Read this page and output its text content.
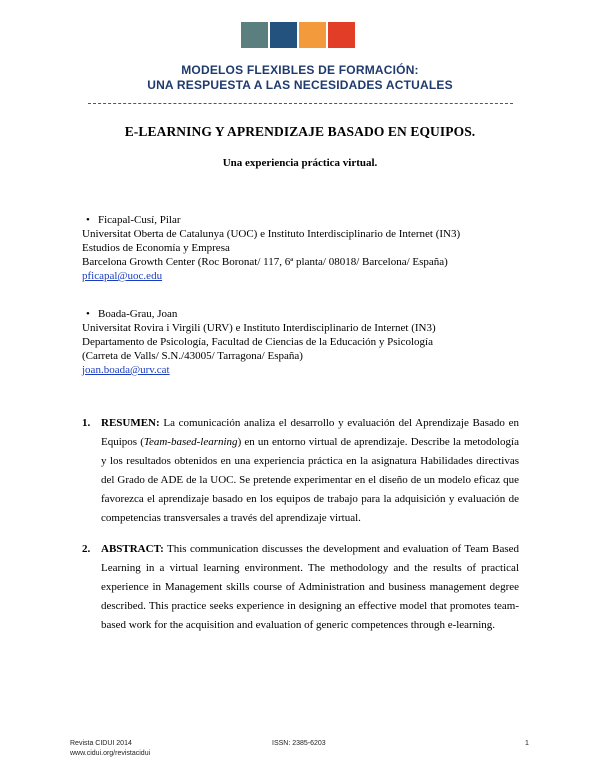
MODELOS FLEXIBLES DE FORMACIÓN:
UNA RESPUESTA A LAS NECESIDADES ACTUALES
E-LEARNING Y APRENDIZAJE BASADO EN EQUIPOS.
Una experiencia práctica virtual.
• Ficapal-Cusí, Pilar
Universitat Oberta de Catalunya (UOC) e Instituto Interdisciplinario de Internet (IN3)
Estudios de Economía y Empresa
Barcelona Growth Center (Roc Boronat/ 117, 6ª planta/ 08018/ Barcelona/ España)
pficapal@uoc.edu
• Boada-Grau, Joan
Universitat Rovira i Virgili (URV) e Instituto Interdisciplinario de Internet (IN3)
Departamento de Psicología, Facultad de Ciencias de la Educación y Psicología
(Carreta de Valls/ S.N./43005/ Tarragona/ España)
joan.boada@urv.cat
1. RESUMEN: La comunicación analiza el desarrollo y evaluación del Aprendizaje Basado en Equipos (Team-based-learning) en un entorno virtual de aprendizaje. Describe la metodología y los resultados obtenidos en una experiencia práctica en la asignatura Habilidades directivas del Grado de ADE de la UOC. Se pretende experimentar en el diseño de un modelo eficaz que favorezca el aprendizaje basado en los equipos de trabajo para la adquisición y evaluación de competencias transversales a través del aprendizaje virtual.
2. ABSTRACT: This communication discusses the development and evaluation of Team Based Learning in a virtual learning environment. The methodology and the results of practical experience in Management skills course of Administration and business management degree described. This practice seeks experience in designing an effective model that promotes team-based work for the acquisition and evaluation of generic competences through e-learning.
Revista CIDUI 2014
www.cidui.org/revistacidui
ISSN: 2385-6203	1
